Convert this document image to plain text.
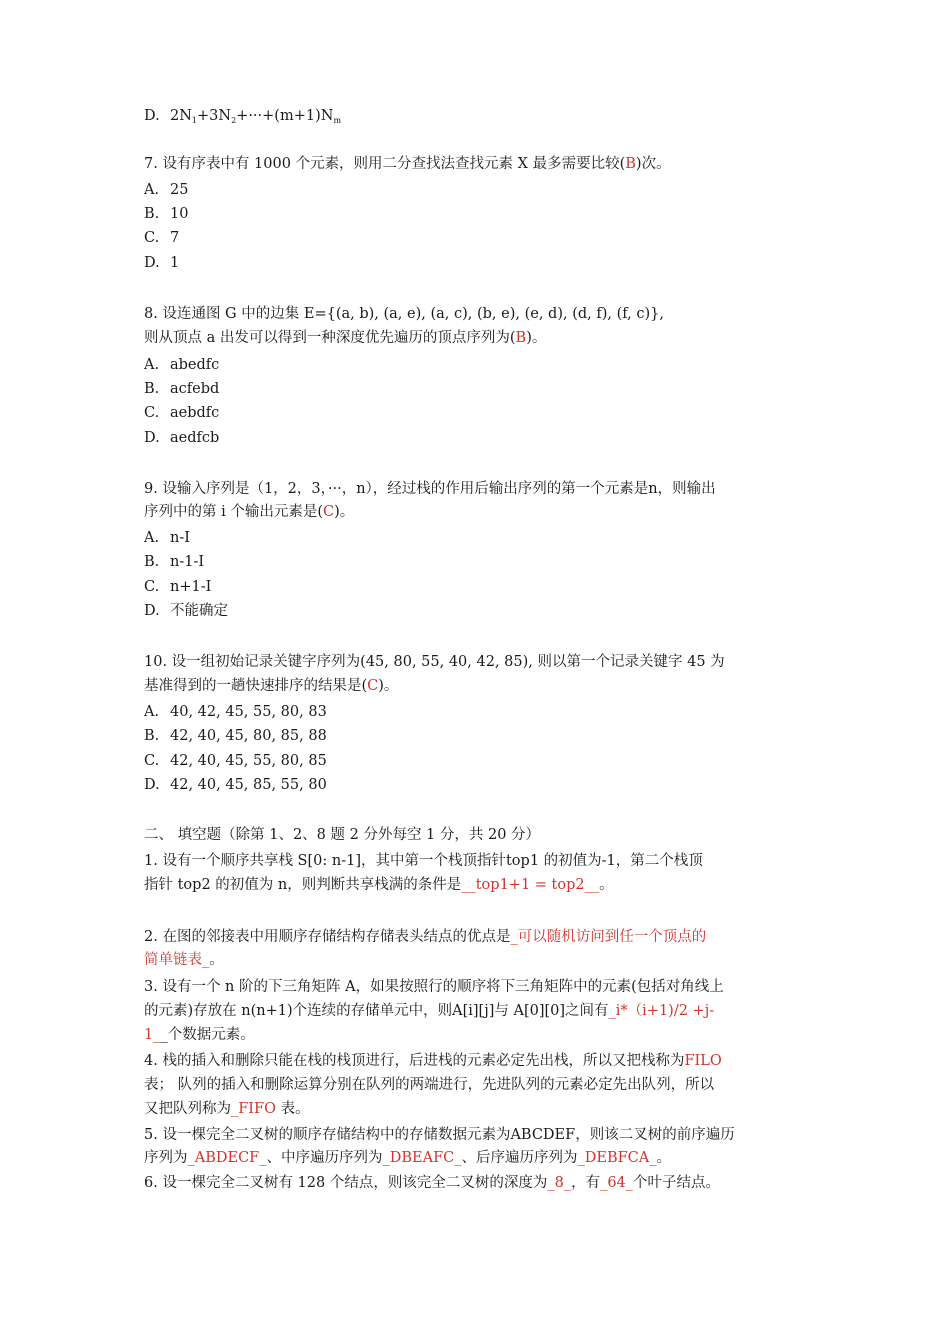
D. $2N_1+3N_2+\cdot\cdot\cdot+(m+1)N_m$
7. 设有序表中有 1000 个元素，则用二分查找法查找元素 X 最多需要比较(B)次。
A. 25
B. 10
C. 7
D. 1
8. 设连通图 G 中的边集 E={(a, b), (a, e), (a, c), (b, e), (e, d), (d, f), (f, c)},
则从顶点 a 出发可以得到一种深度优先遍历的顶点序列为(B)。
A. abedfc
B. acfebd
C. aebdfc
D. aedfcb
9. 设输入序列是（1，2，3，···，n），经过栈的作用后输出序列的第一个元素是n，则输出
序列中的第 i 个输出元素是(C)。
A. n-I
B. n-1-I
C. n+1-I
D. 不能确定
10. 设一组初始记录关键字序列为(45, 80, 55, 40, 42, 85), 则以第一个记录关键字 45 为
基准得到的一趟快速排序的结果是(C)。
A. 40, 42, 45, 55, 80, 83
B. 42, 40, 45, 80, 85, 88
C. 42, 40, 45, 55, 80, 85
D. 42, 40, 45, 85, 55, 80
二、 填空题（除第 1、2、8 题 2 分外每空 1 分，共 20 分）
1. 设有一个顺序共享栈 S[0: n-1]，其中第一个栈顶指针top1 的初值为-1，第二个栈顶
指针 top2 的初值为 n，则判断共享栈满的条件是__top1+1 = top2__。
2. 在图的邻接表中用顺序存储结构存储表头结点的优点是_可以随机访问到任一个顶点的
简单链表_。
3. 设有一个 n 阶的下三角矩阵 A，如果按照行的顺序将下三角矩阵中的元素(包括对角线上
的元素)存放在 n(n+1)个连续的存储单元中，则A[i][j]与 A[0][0]之间有_i*（i+1)/2 +j-
1__个数据元素。
4. 栈的插入和删除只能在栈的栈顶进行，后进栈的元素必定先出栈，所以又把栈称为FILO
表； 队列的插入和删除运算分别在队列的两端进行，先进队列的元素必定先出队列，所以
又把队列称为_FIFO 表。
5. 设一棵完全二叉树的顺序存储结构中的存储数据元素为ABCDEF，则该二叉树的前序遍历
序列为_ABDECF_、中序遍历序列为_DBEAFC_、后序遍历序列为_DEBFCA_。
6. 设一棵完全二叉树有 128 个结点，则该完全二叉树的深度为_8_，有_64_个叶子结点。
